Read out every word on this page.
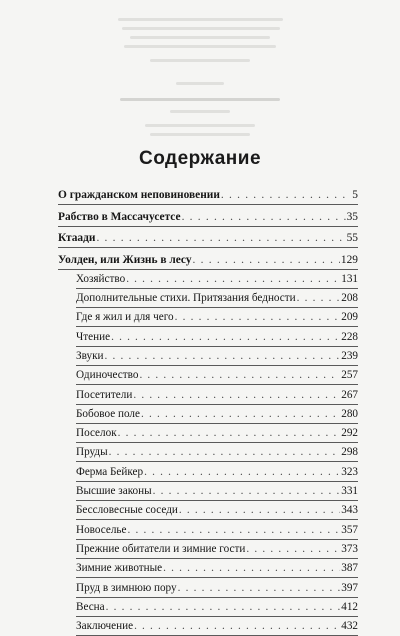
Содержание
О гражданском неповиновении . . .	5
Рабство в Массачусетсе . . .	35
Ктаади . . .	55
Уолден, или Жизнь в лесу . . .	129
Хозяйство . . .	131
Дополнительные стихи. Притязания бедности . . .	208
Где я жил и для чего . . .	209
Чтение . . .	228
Звуки . . .	239
Одиночество . . .	257
Посетители . . .	267
Бобовое поле . . .	280
Поселок . . .	292
Пруды . . .	298
Ферма Бейкер . . .	323
Высшие законы . . .	331
Бессловесные соседи . . .	343
Новоселье . . .	357
Прежние обитатели и зимние гости . . .	373
Зимние животные . . .	387
Пруд в зимнюю пору . . .	397
Весна . . .	412
Заключение . . .	432
